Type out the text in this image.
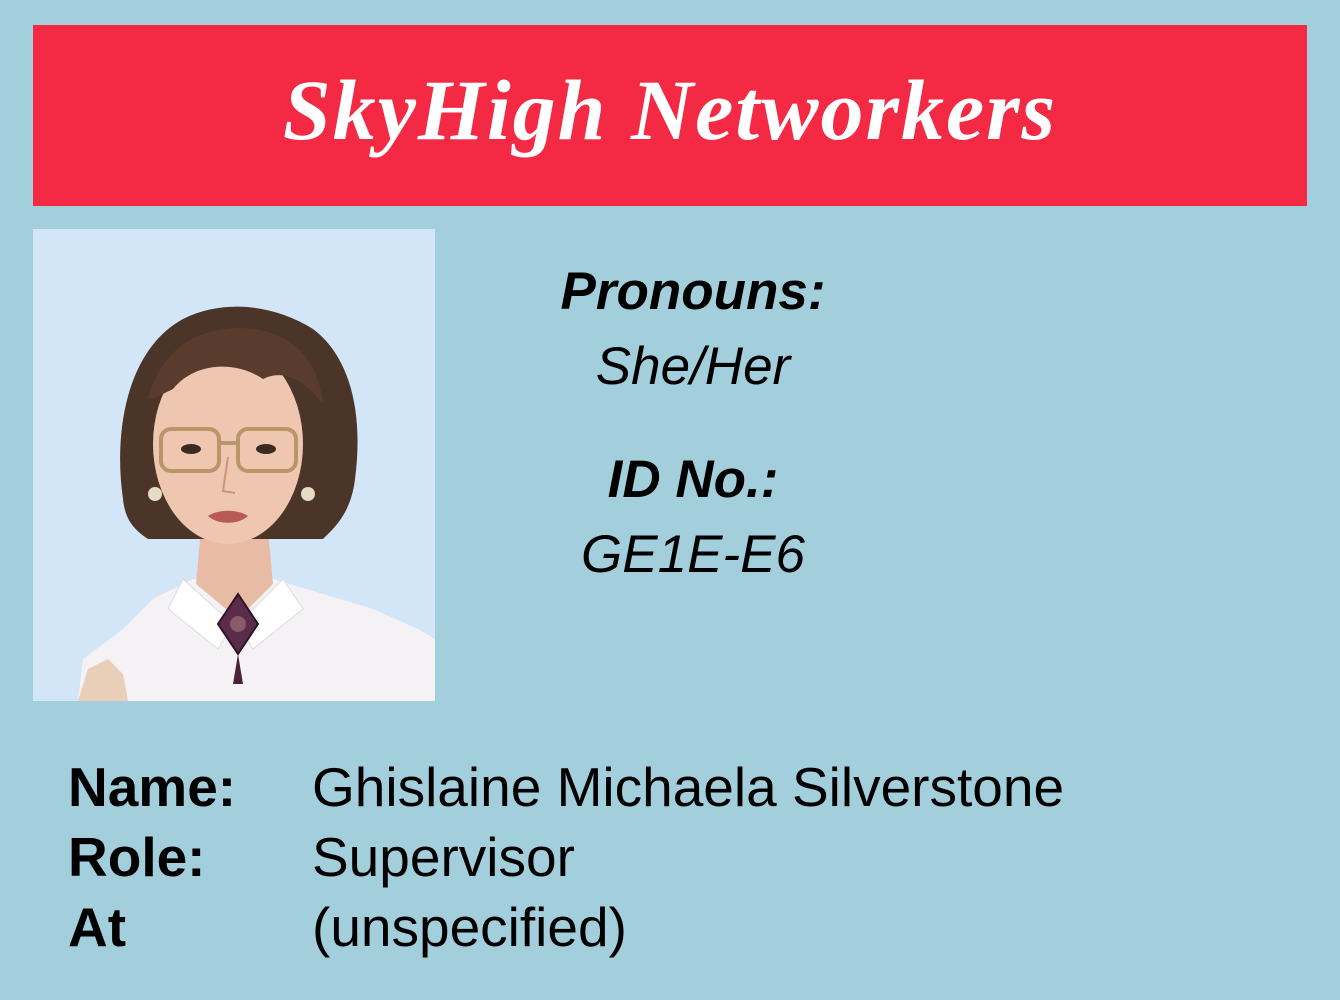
SkyHigh Networkers
Pronouns:
She/Her
ID No.:
GE1E-E6
Name:	Ghislaine Michaela Silverstone
Role:	Supervisor
At	(unspecified)
